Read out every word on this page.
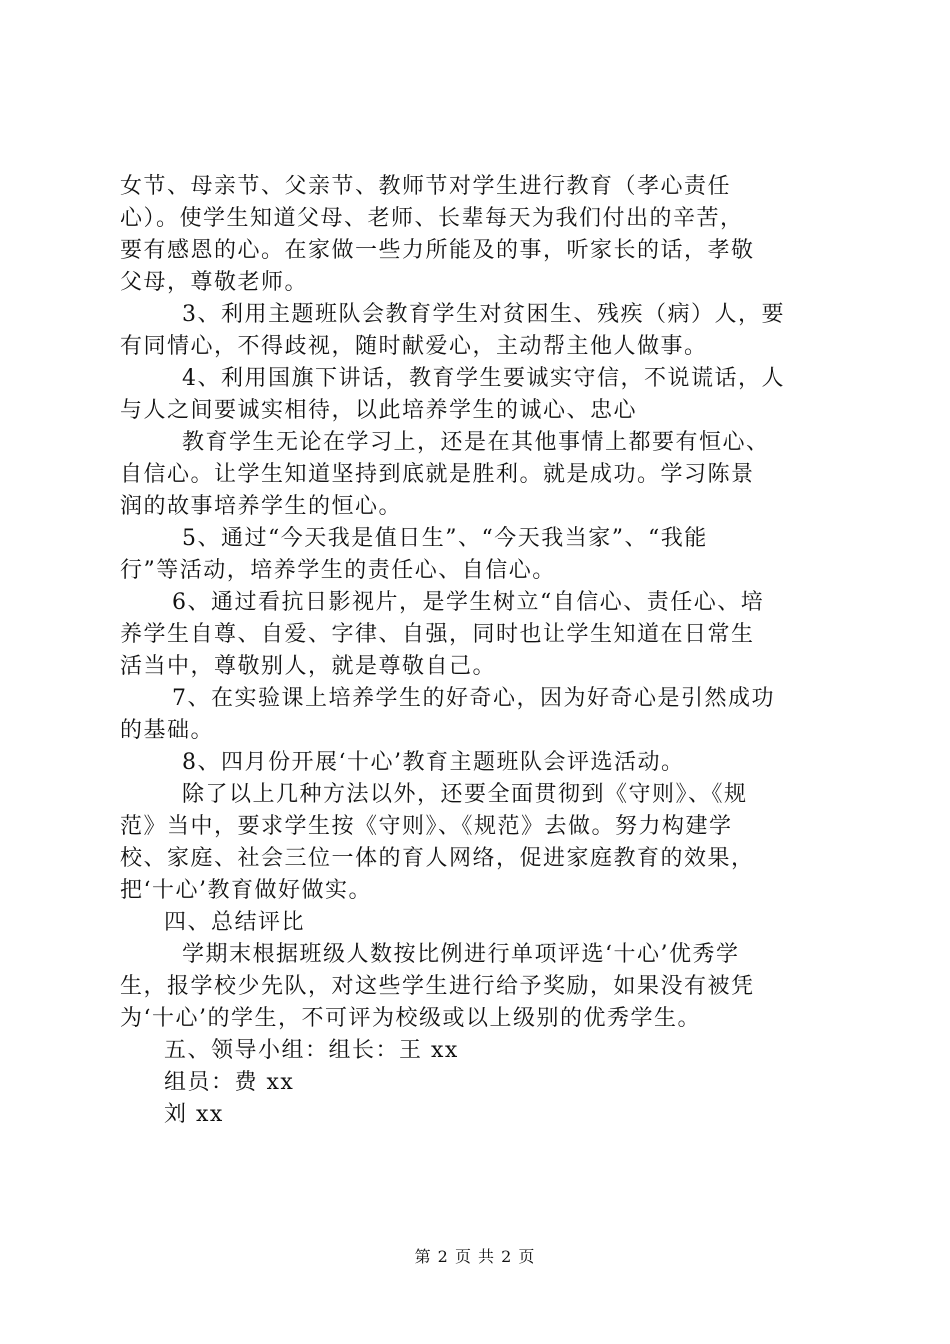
女节、母亲节、父亲节、教师节对学生进行教育（孝心责任
心）。使学生知道父母、老师、长辈每天为我们付出的辛苦，
要有感恩的心。在家做一些力所能及的事，听家长的话，孝敬
父母，尊敬老师。
3、利用主题班队会教育学生对贫困生、残疾（病）人，要
有同情心，不得歧视，随时献爱心，主动帮主他人做事。
4、利用国旗下讲话，教育学生要诚实守信，不说谎话，人
与人之间要诚实相待，以此培养学生的诚心、忠心
教育学生无论在学习上，还是在其他事情上都要有恒心、
自信心。让学生知道坚持到底就是胜利。就是成功。学习陈景
润的故事培养学生的恒心。
5、通过“今天我是值日生”、“今天我当家”、“我能
行”等活动，培养学生的责任心、自信心。
6、通过看抗日影视片，是学生树立“自信心、责任心、培
养学生自尊、自爱、字律、自强，同时也让学生知道在日常生
活当中，尊敬别人，就是尊敬自己。
7、在实验课上培养学生的好奇心，因为好奇心是引然成功
的基础。
8、四月份开展‘十心’教育主题班队会评选活动。
除了以上几种方法以外，还要全面贯彻到《守则》、《规
范》当中，要求学生按《守则》、《规范》去做。努力构建学
校、家庭、社会三位一体的育人网络，促进家庭教育的效果，
把‘十心’教育做好做实。
四、总结评比
学期末根据班级人数按比例进行单项评选‘十心’优秀学
生，报学校少先队，对这些学生进行给予奖励，如果没有被凭
为‘十心’的学生，不可评为校级或以上级别的优秀学生。
五、领导小组：组长：王 xx
组员：费 xx
刘 xx
第 2 页 共 2 页
